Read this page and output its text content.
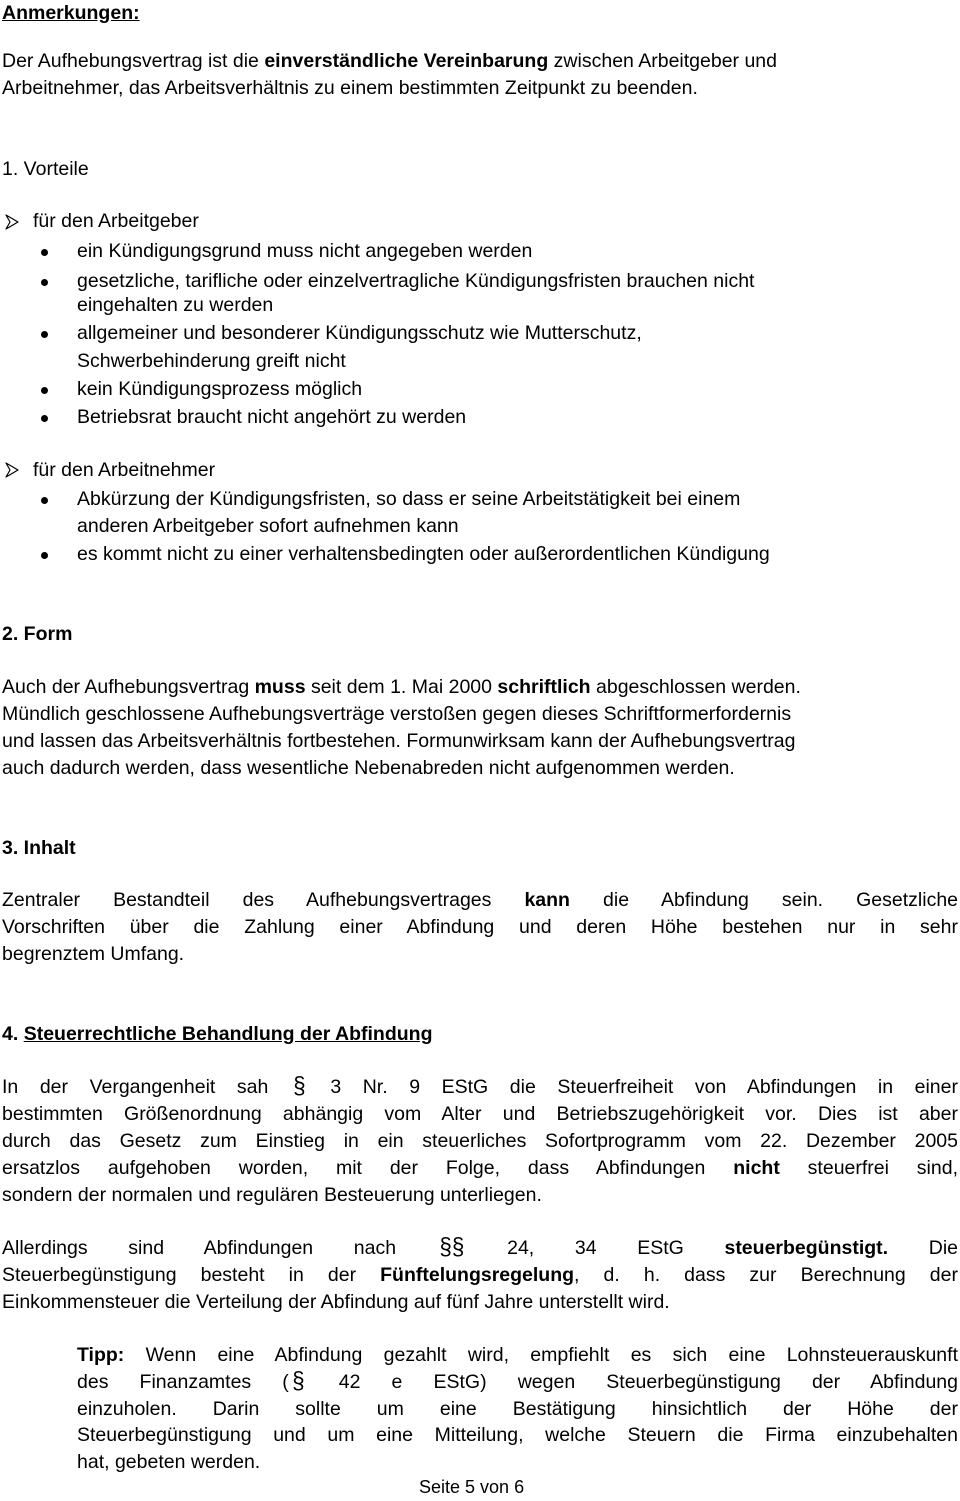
Anmerkungen:

Der Aufhebungsvertrag ist die einverständliche Vereinbarung zwischen Arbeitgeber und

Arbeitnehmer, das Arbeitsverhältnis zu einem bestimmten Zeitpunkt zu beenden.

1. Vorteile

für den Arbeitgeber

ein Kündigungsgrund muss nicht angegeben werden

gesetzliche, tarifliche oder einzelvertragliche Kündigungsfristen brauchen nicht

eingehalten zu werden

allgemeiner und besonderer Kündigungsschutz wie Mutterschutz,

Schwerbehinderung greift nicht

kein Kündigungsprozess möglich

Betriebsrat braucht nicht angehört zu werden

für den Arbeitnehmer

Abkürzung der Kündigungsfristen, so dass er seine Arbeitstätigkeit bei einem

anderen Arbeitgeber sofort aufnehmen kann

es kommt nicht zu einer verhaltensbedingten oder außerordentlichen Kündigung

2. Form

Auch der Aufhebungsvertrag muss seit dem 1. Mai 2000 schriftlich abgeschlossen werden.

Mündlich geschlossene Aufhebungsverträge verstoßen gegen dieses Schriftformerfordernis

und lassen das Arbeitsverhältnis fortbestehen. Formunwirksam kann der Aufhebungsvertrag

auch dadurch werden, dass wesentliche Nebenabreden nicht aufgenommen werden.

3. Inhalt

Zentraler Bestandteil des Aufhebungsvertrages kann die Abfindung sein. Gesetzliche

Vorschriften über die Zahlung einer Abfindung und deren Höhe bestehen nur in sehr

begrenztem Umfang.

4. Steuerrechtliche Behandlung der Abfindung

In der Vergangenheit sah § 3 Nr. 9 EStG die Steuerfreiheit von Abfindungen in einer

bestimmten Größenordnung abhängig vom Alter und Betriebszugehörigkeit vor. Dies ist aber

durch das Gesetz zum Einstieg in ein steuerliches Sofortprogramm vom 22. Dezember 2005

ersatzlos aufgehoben worden, mit der Folge, dass Abfindungen nicht steuerfrei sind,

sondern der normalen und regulären Besteuerung unterliegen.

Allerdings sind Abfindungen nach §§ 24, 34 EStG steuerbegünstigt. Die

Steuerbegünstigung besteht in der Fünftelungsregelung, d. h. dass zur Berechnung der

Einkommensteuer die Verteilung der Abfindung auf fünf Jahre unterstellt wird.

Tipp: Wenn eine Abfindung gezahlt wird, empfiehlt es sich eine Lohnsteuerauskunft

des Finanzamtes ( § 42 e EStG) wegen Steuerbegünstigung der Abfindung

einzuholen. Darin sollte um eine Bestätigung hinsichtlich der Höhe der

Steuerbegünstigung und um eine Mitteilung, welche Steuern die Firma einzubehalten

hat, gebeten werden.

Seite 5 von 6
